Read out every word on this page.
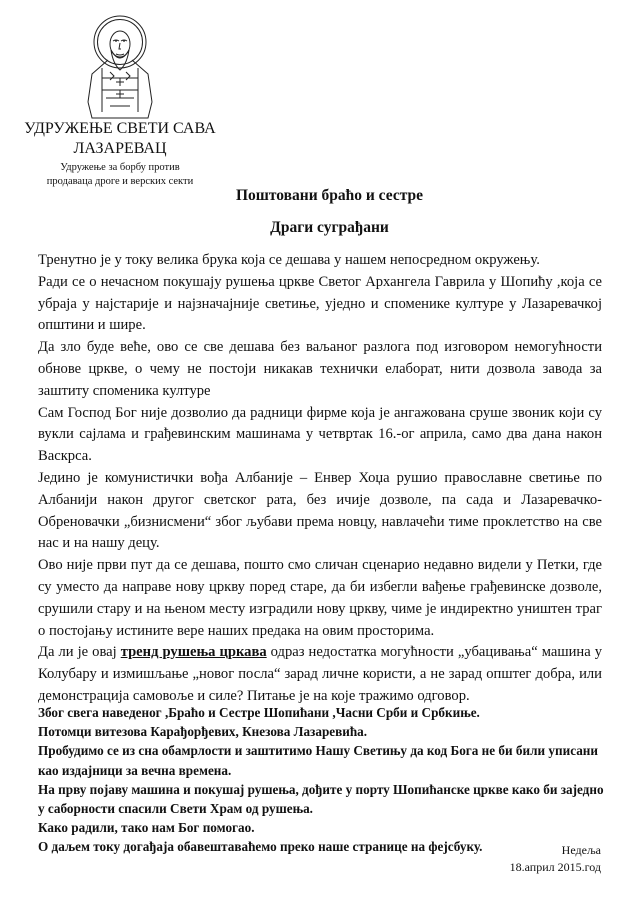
УДРУЖЕЊЕ СВЕТИ САВА
ЛАЗАРЕВАЦ
Удружење за борбу против
продаваца дроге и верских секти
Поштовани браћо и сестре
Драги суграђани

Тренутно је у току велика брука која се дешава у нашем непосредном окружењу.

Ради се о нечасном покушају рушења цркве Светог Архангела Гаврила у Шопићу ,која се убраја у најстарије и најзначајније светиње, уједно и споменике културе у Лазаревачкој општини и шире.

Да зло буде веће, ово се све дешава без ваљаног разлога под изговором немогућности обнове цркве, о чему не постоји никакав технички елаборат, нити дозвола завода за заштиту споменика културе

Сам Господ Бог није дозволио да радници фирме која је ангажована сруше звоник који су вукли сајлама и грађевинским машинама у четвртак 16.-ог априла, само два дана након Васкрса.

Једино је комунистички вођа Албаније – Енвер Хоџа рушио православне светиње по Албанији након другог светског рата, без ичије дозволе, па сада и Лазаревачко-Обреновачки „бизнисмени“ због љубави према новцу, навлачећи тиме проклетство на све нас и на нашу децу.

Ово није први пут да се дешава, пошто смо сличан сценарио недавно видели у Петки, где су уместо да направе нову цркву поред старе, да би избегли вађење грађевинске дозволе, срушили стару и на њеном месту изградили нову цркву, чиме је индиректно уништен траг о постојању истините вере наших предака на овим просторима.

Да ли је овај тренд рушења цркава одраз недостатка могућности „убацивања“ машина у Колубару и измишљање „новог посла“ зарад личне користи, а не зарад општег добра, или демонстрација самовоље и силе? Питање је на које тражимо одговор.

Због свега наведеног ,Браћо и Сестре Шопићани ,Часни Срби и Србкиње.

Потомци витезова Карађорђевих, Кнезова Лазаревића.

Пробудимо се из сна обамрлости и заштитимо Нашу Светињу да код Бога не би били уписани као издајници за вечна времена.

На прву појаву машина и покушај рушења, дођите у порту Шопићанске цркве како би заједно у саборности спасили Свети Храм од рушења.

Како радили, тако нам Бог помогао.

О даљем току догађаја обавештаваћемо преко наше странице на фејсбуку.	Недеља
18.април 2015.год
